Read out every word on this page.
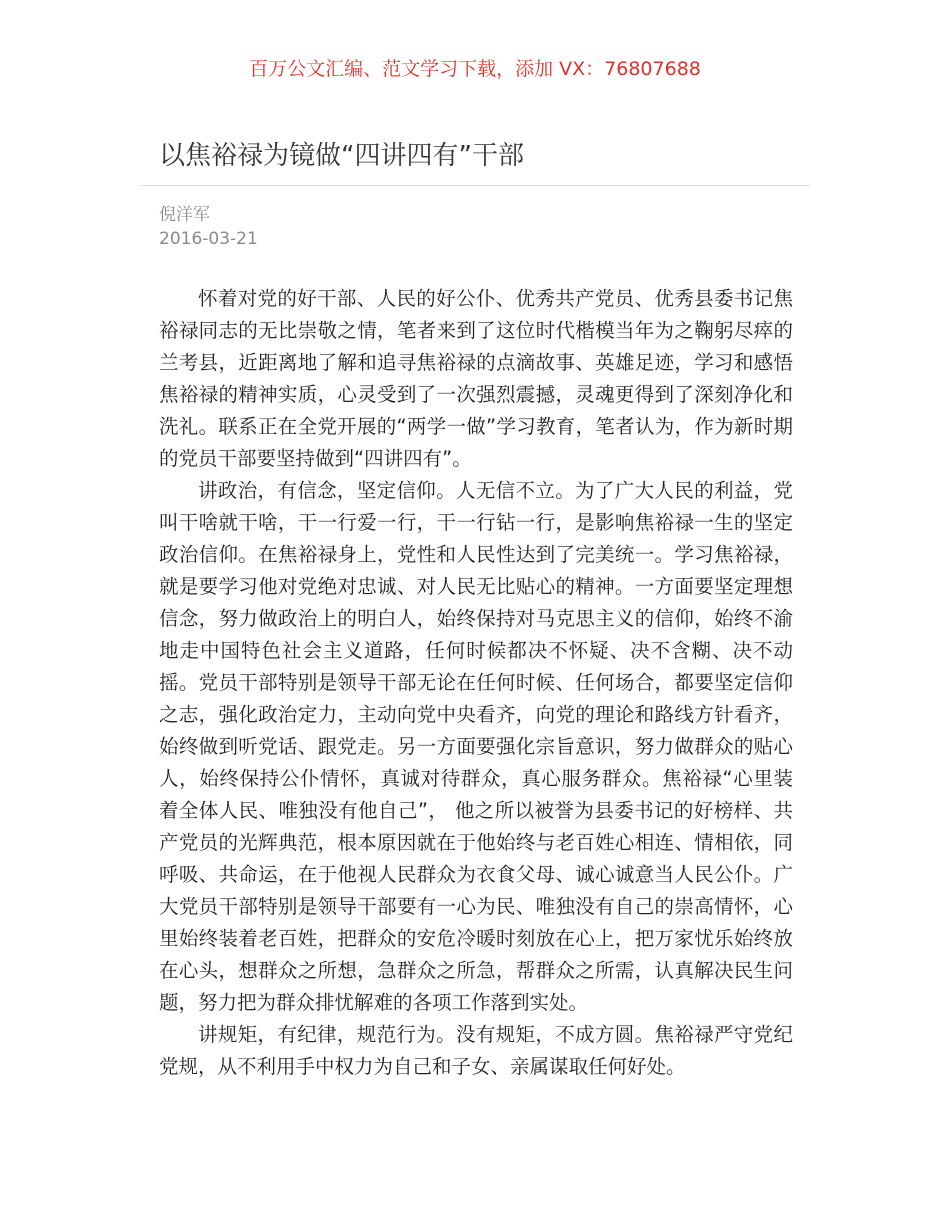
百万公文汇编、范文学习下载，添加 VX：76807688
以焦裕禄为镜做“四讲四有”干部
倪洋军
2016-03-21

怀着对党的好干部、人民的好公仆、优秀共产党员、优秀县委书记焦裕禄同志的无比崇敬之情，笔者来到了这位时代楷模当年为之鞠躬尽瘁的兰考县，近距离地了解和追寻焦裕禄的点滴故事、英雄足迹，学习和感悟焦裕禄的精神实质，心灵受到了一次强烈震撼，灵魂更得到了深刻净化和洗礼。联系正在全党开展的“两学一做”学习教育，笔者认为，作为新时期的党员干部要坚持做到“四讲四有”。

讲政治，有信念，坚定信仰。人无信不立。为了广大人民的利益，党叫干啥就干啥，干一行爱一行，干一行钻一行，是影响焦裕禄一生的坚定政治信仰。在焦裕禄身上，党性和人民性达到了完美统一。学习焦裕禄，就是要学习他对党绝对忠诚、对人民无比贴心的精神。一方面要坚定理想信念，努力做政治上的明白人，始终保持对马克思主义的信仰，始终不渝地走中国特色社会主义道路，任何时候都决不怀疑、决不含糊、决不动摇。党员干部特别是领导干部无论在任何时候、任何场合，都要坚定信仰之志，强化政治定力，主动向党中央看齐，向党的理论和路线方针看齐，始终做到听党话、跟党走。另一方面要强化宗旨意识，努力做群众的贴心人，始终保持公仆情怀，真诚对待群众，真心服务群众。焦裕禄“心里装着全体人民、唯独没有他自己”， 他之所以被誉为县委书记的好榜样、共产党员的光辉典范，根本原因就在于他始终与老百姓心相连、情相依，同呼吸、共命运，在于他视人民群众为衣食父母、诚心诚意当人民公仆。广大党员干部特别是领导干部要有一心为民、唯独没有自己的崇高情怀，心里始终装着老百姓，把群众的安危冷暖时刻放在心上，把万家忧乐始终放在心头，想群众之所想，急群众之所急，帮群众之所需，认真解决民生问题，努力把为群众排忧解难的各项工作落到实处。

讲规矩，有纪律，规范行为。没有规矩，不成方圆。焦裕禄严守党纪党规，从不利用手中权力为自己和子女、亲属谋取任何好处。
